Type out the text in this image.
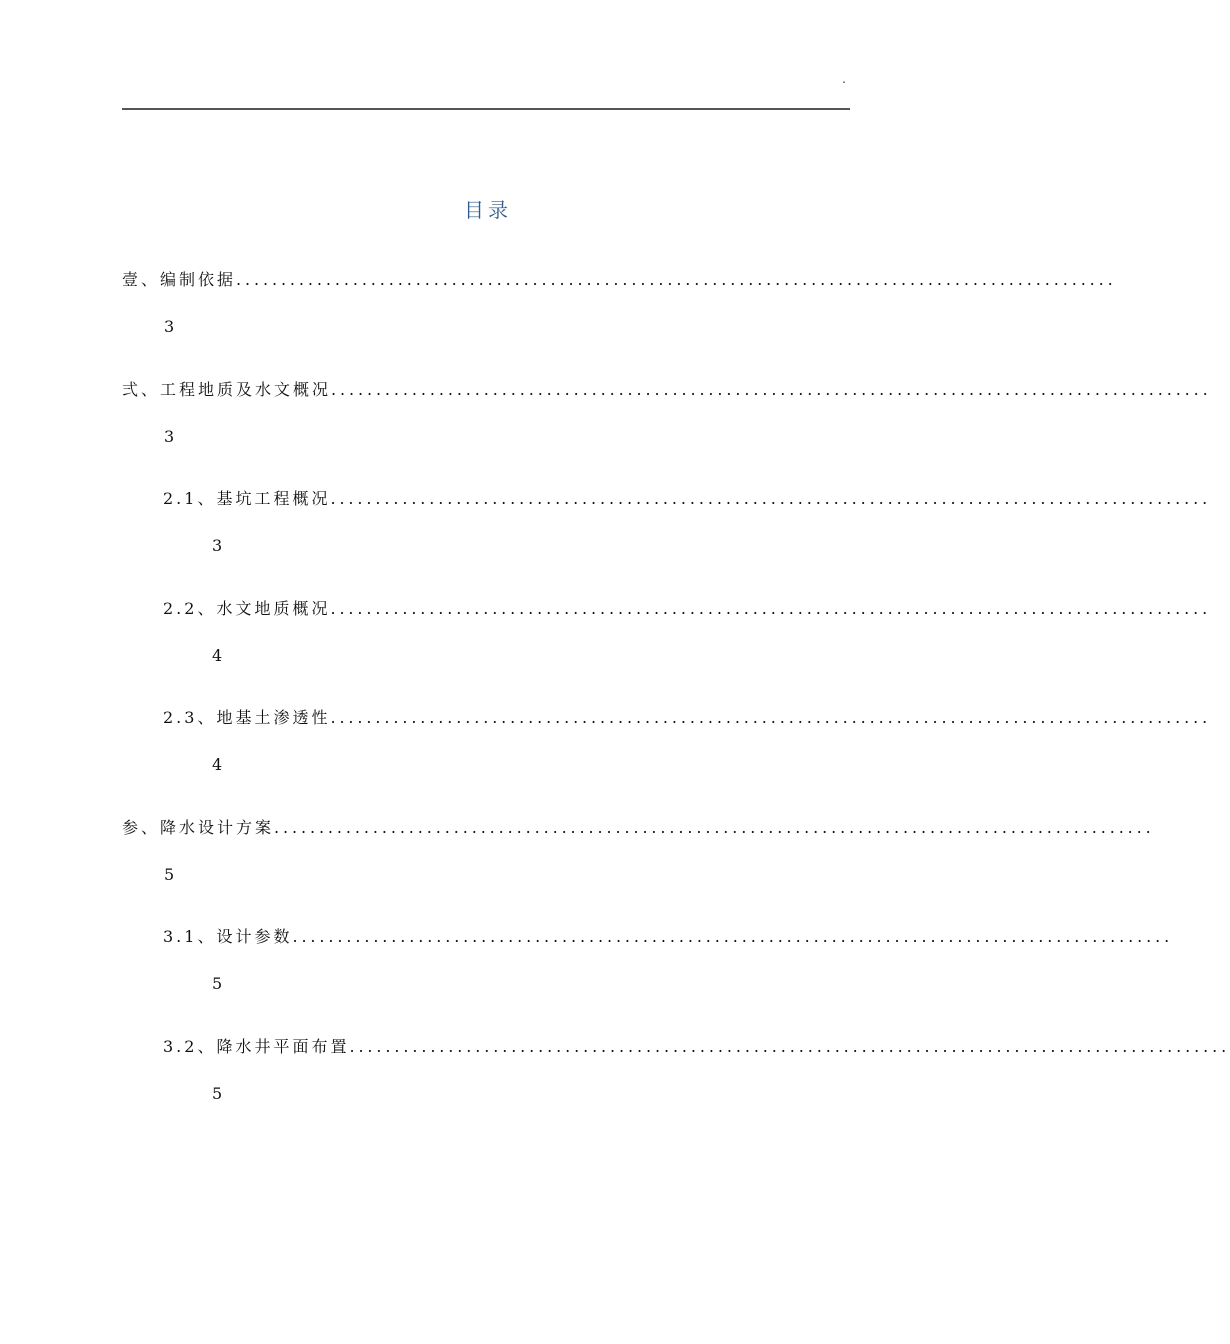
.
目录
壹、编制依据..................................................................................................
3
弍、工程地质及水文概况..................................................................................................
3
2.1、基坑工程概况..................................................................................................
3
2.2、水文地质概况..................................................................................................
4
2.3、地基土渗透性..................................................................................................
4
参、降水设计方案..................................................................................................
5
3.1、设计参数..................................................................................................
5
3.2、降水井平面布置..................................................................................................
5
